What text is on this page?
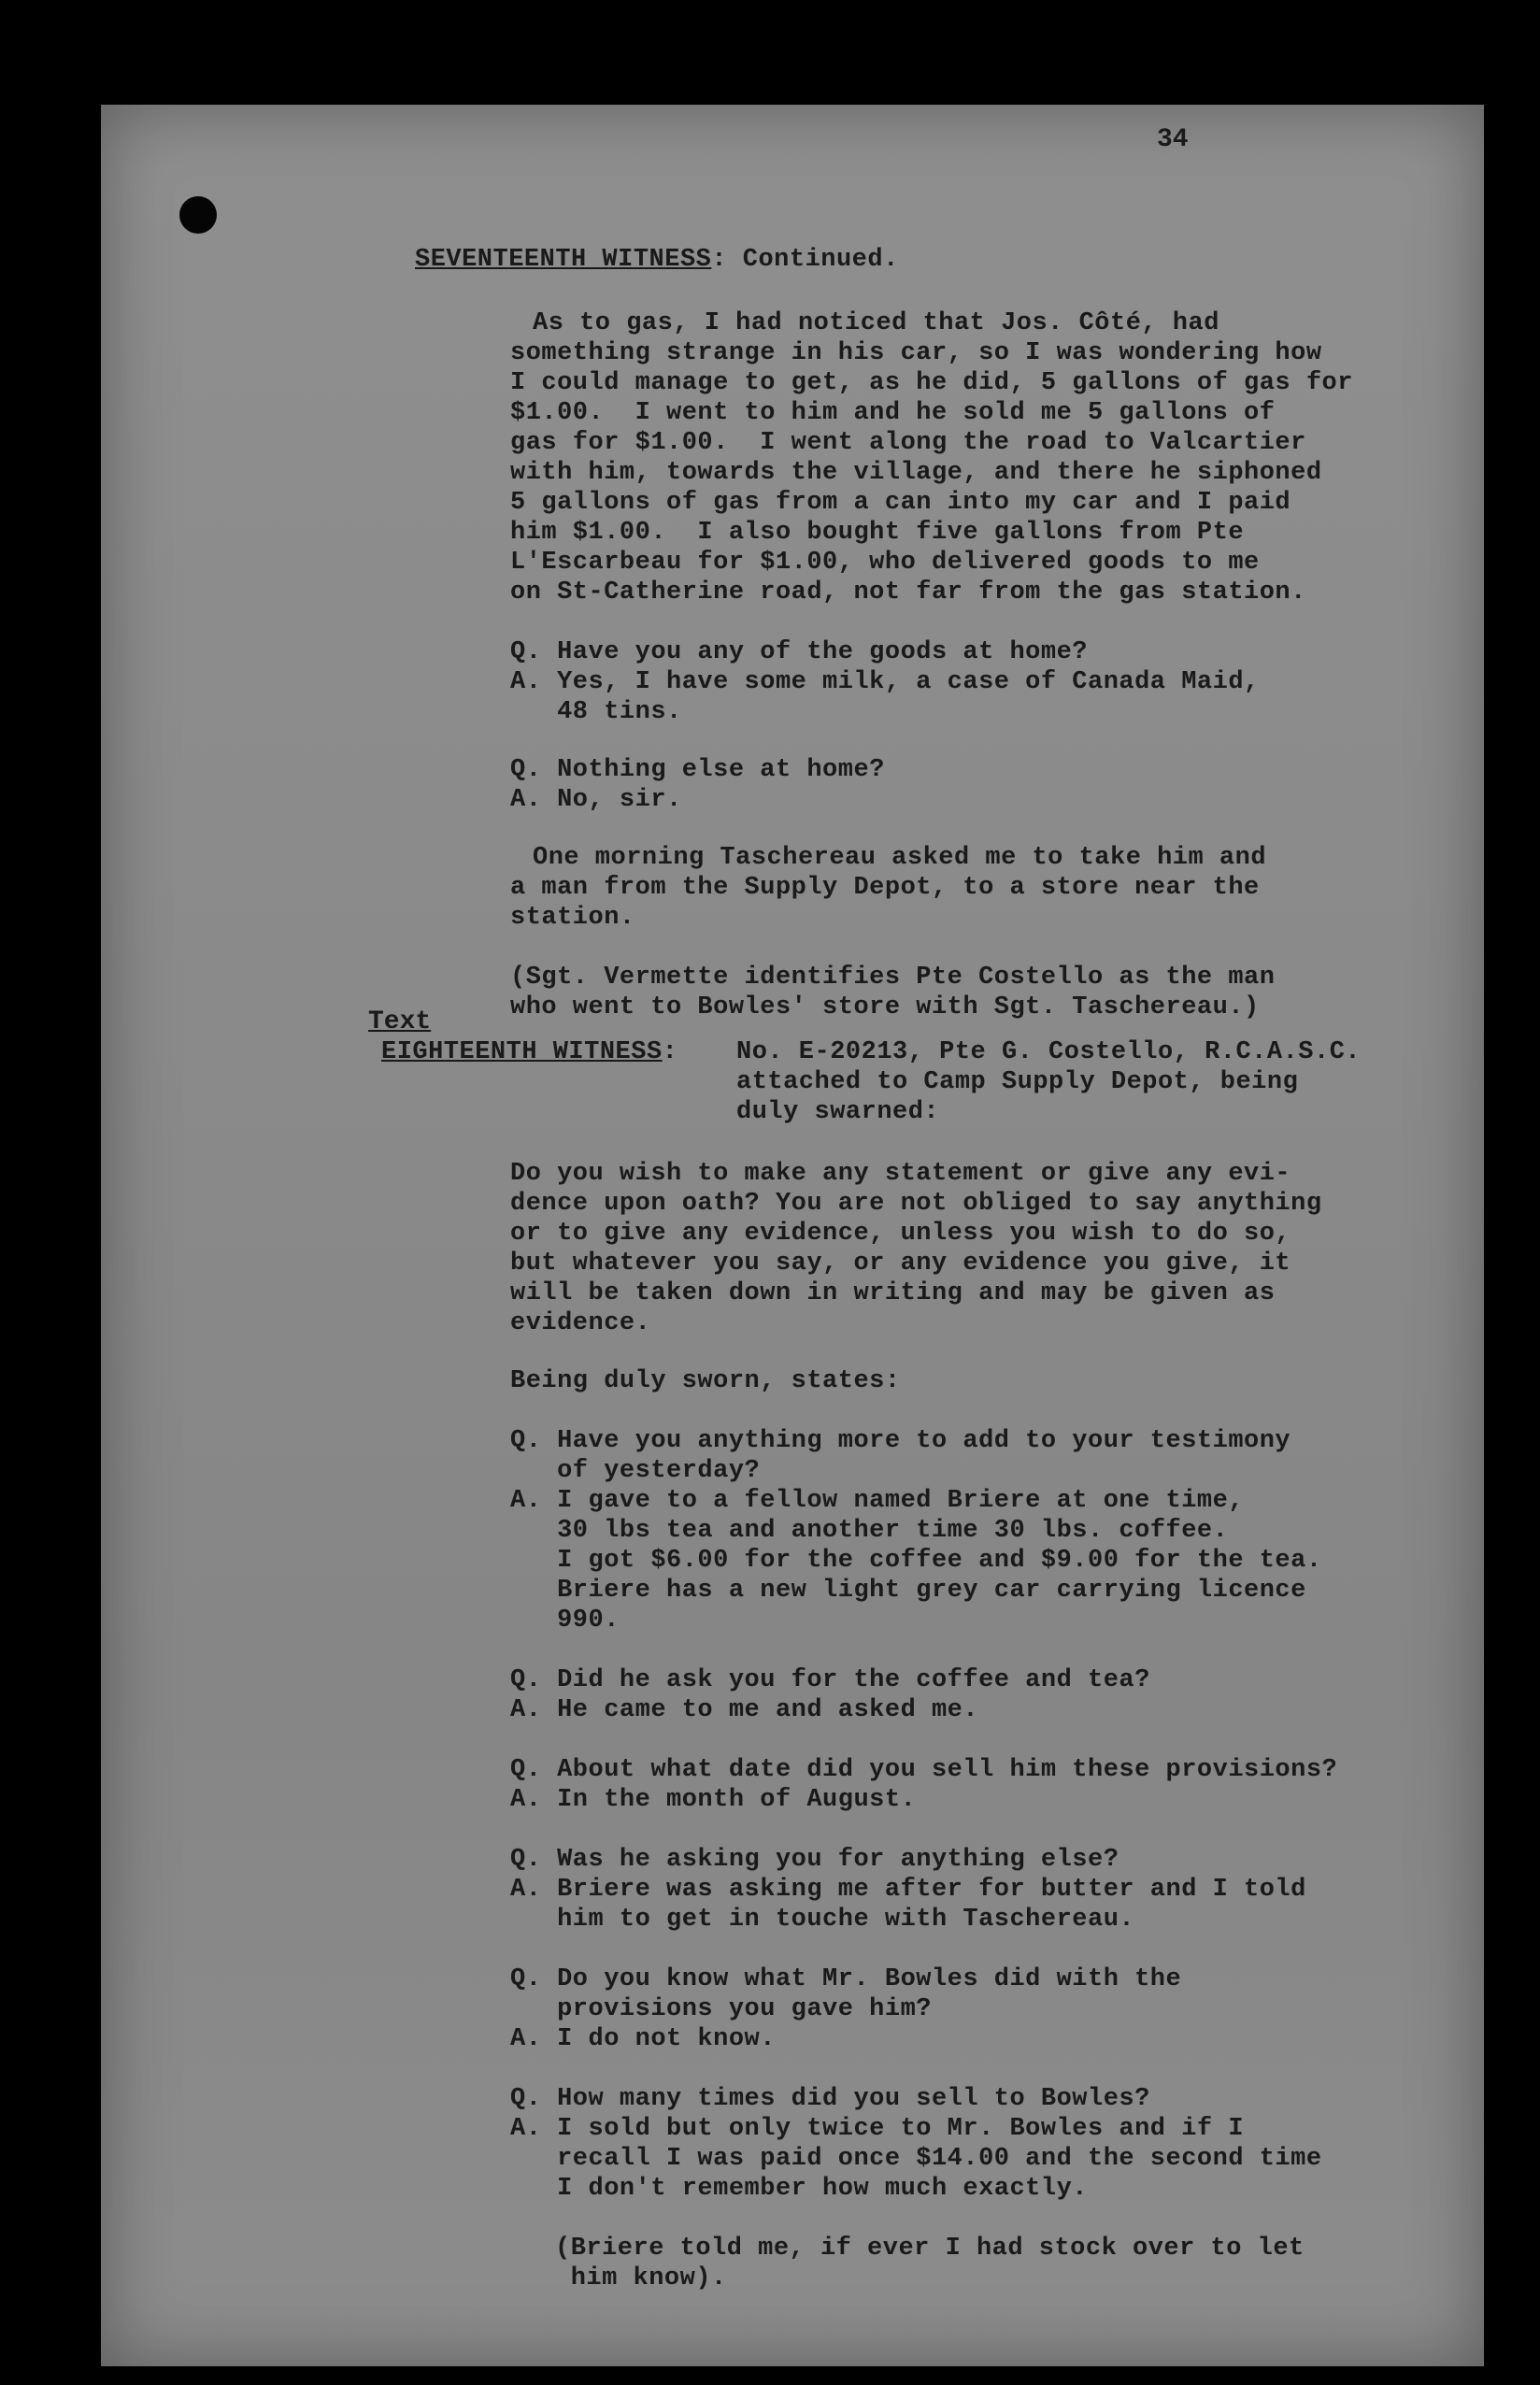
34
SEVENTEENTH WITNESS: Continued.
As to gas, I had noticed that Jos. Côté, had
something strange in his car, so I was wondering how
I could manage to get, as he did, 5 gallons of gas for
$1.00.  I went to him and he sold me 5 gallons of
gas for $1.00.  I went along the road to Valcartier
with him, towards the village, and there he siphoned
5 gallons of gas from a can into my car and I paid
him $1.00.  I also bought five gallons from Pte
L'Escarbeau for $1.00, who delivered goods to me
on St-Catherine road, not far from the gas station.
Q. Have you any of the goods at home?
A. Yes, I have some milk, a case of Canada Maid,
48 tins.
Q. Nothing else at home?
A. No, sir.
One morning Taschereau asked me to take him and
a man from the Supply Depot, to a store near the
station.
(Sgt. Vermette identifies Pte Costello as the man
who went to Bowles' store with Sgt. Taschereau.)
Text
EIGHTEENTH WITNESS: No. E-20213, Pte G. Costello, R.C.A.S.C.
attached to Camp Supply Depot, being
duly swarned:
Do you wish to make any statement or give any evi-
dence upon oath? You are not obliged to say anything
or to give any evidence, unless you wish to do so,
but whatever you say, or any evidence you give, it
will be taken down in writing and may be given as
evidence.
Being duly sworn, states:
Q. Have you anything more to add to your testimony
of yesterday?
A. I gave to a fellow named Briere at one time,
30 lbs tea and another time 30 lbs. coffee.
I got $6.00 for the coffee and $9.00 for the tea.
Briere has a new light grey car carrying licence
990.
Q. Did he ask you for the coffee and tea?
A. He came to me and asked me.
Q. About what date did you sell him these provisions?
A. In the month of August.
Q. Was he asking you for anything else?
A. Briere was asking me after for butter and I told
him to get in touche with Taschereau.
Q. Do you know what Mr. Bowles did with the
provisions you gave him?
A. I do not know.
Q. How many times did you sell to Bowles?
A. I sold but only twice to Mr. Bowles and if I
recall I was paid once $14.00 and the second time
I don't remember how much exactly.
(Briere told me, if ever I had stock over to let
him know).
